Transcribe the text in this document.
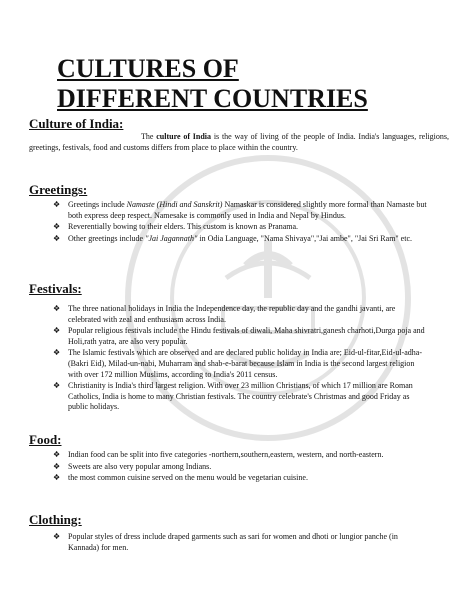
CULTURES OF DIFFERENT COUNTRIES
Culture of India:
The culture of India is the way of living of the people of India. India's languages, religions, greetings, festivals, food and customs differs from place to place within the country.
Greetings:
❖ Greetings include Namaste (Hindi and Sanskrit) Namaskar is considered slightly more formal than Namaste but both express deep respect. Namesake is commonly used in India and Nepal by Hindus.
❖ Reverentially bowing to their elders. This custom is known as Pranama.
❖ Other greetings include "Jai Jagannath" in Odia Language, "Nama Shivaya","Jai ambe", "Jai Sri Ram" etc.
Festivals:
❖ The three national holidays in India the Independence day, the republic day and the gandhi javanti, are celebrated with zeal and enthusiasm across India.
❖ Popular religious festivals include the Hindu festivals of diwali, Maha shivratri,ganesh charhoti,Durga poja and Holi,rath yatra, are also very popular.
❖ The Islamic festivals which are observed and are declared public holiday in India are; Eid-ul-fitar,Eid-ul-adha-(Bakri Eid), Milad-un-nabi, Muharram and shab-e-barat because Islam in India is the second largest religion with over 172 million Muslims, according to India's 2011 census.
❖ Christianity is India's third largest religion. With over 23 million Christians, of which 17 million are Roman Catholics, India is home to many Christian festivals. The country celebrate's Christmas and good Friday as public holidays.
Food:
❖ Indian food can be split into five categories -northern,southern,eastern, western, and north-eastern.
❖ Sweets are also very popular among Indians.
❖ the most common cuisine served on the menu would be vegetarian cuisine.
Clothing:
❖ Popular styles of dress include draped garments such as sari for women and dhoti or lungior panche (in Kannada) for men.
